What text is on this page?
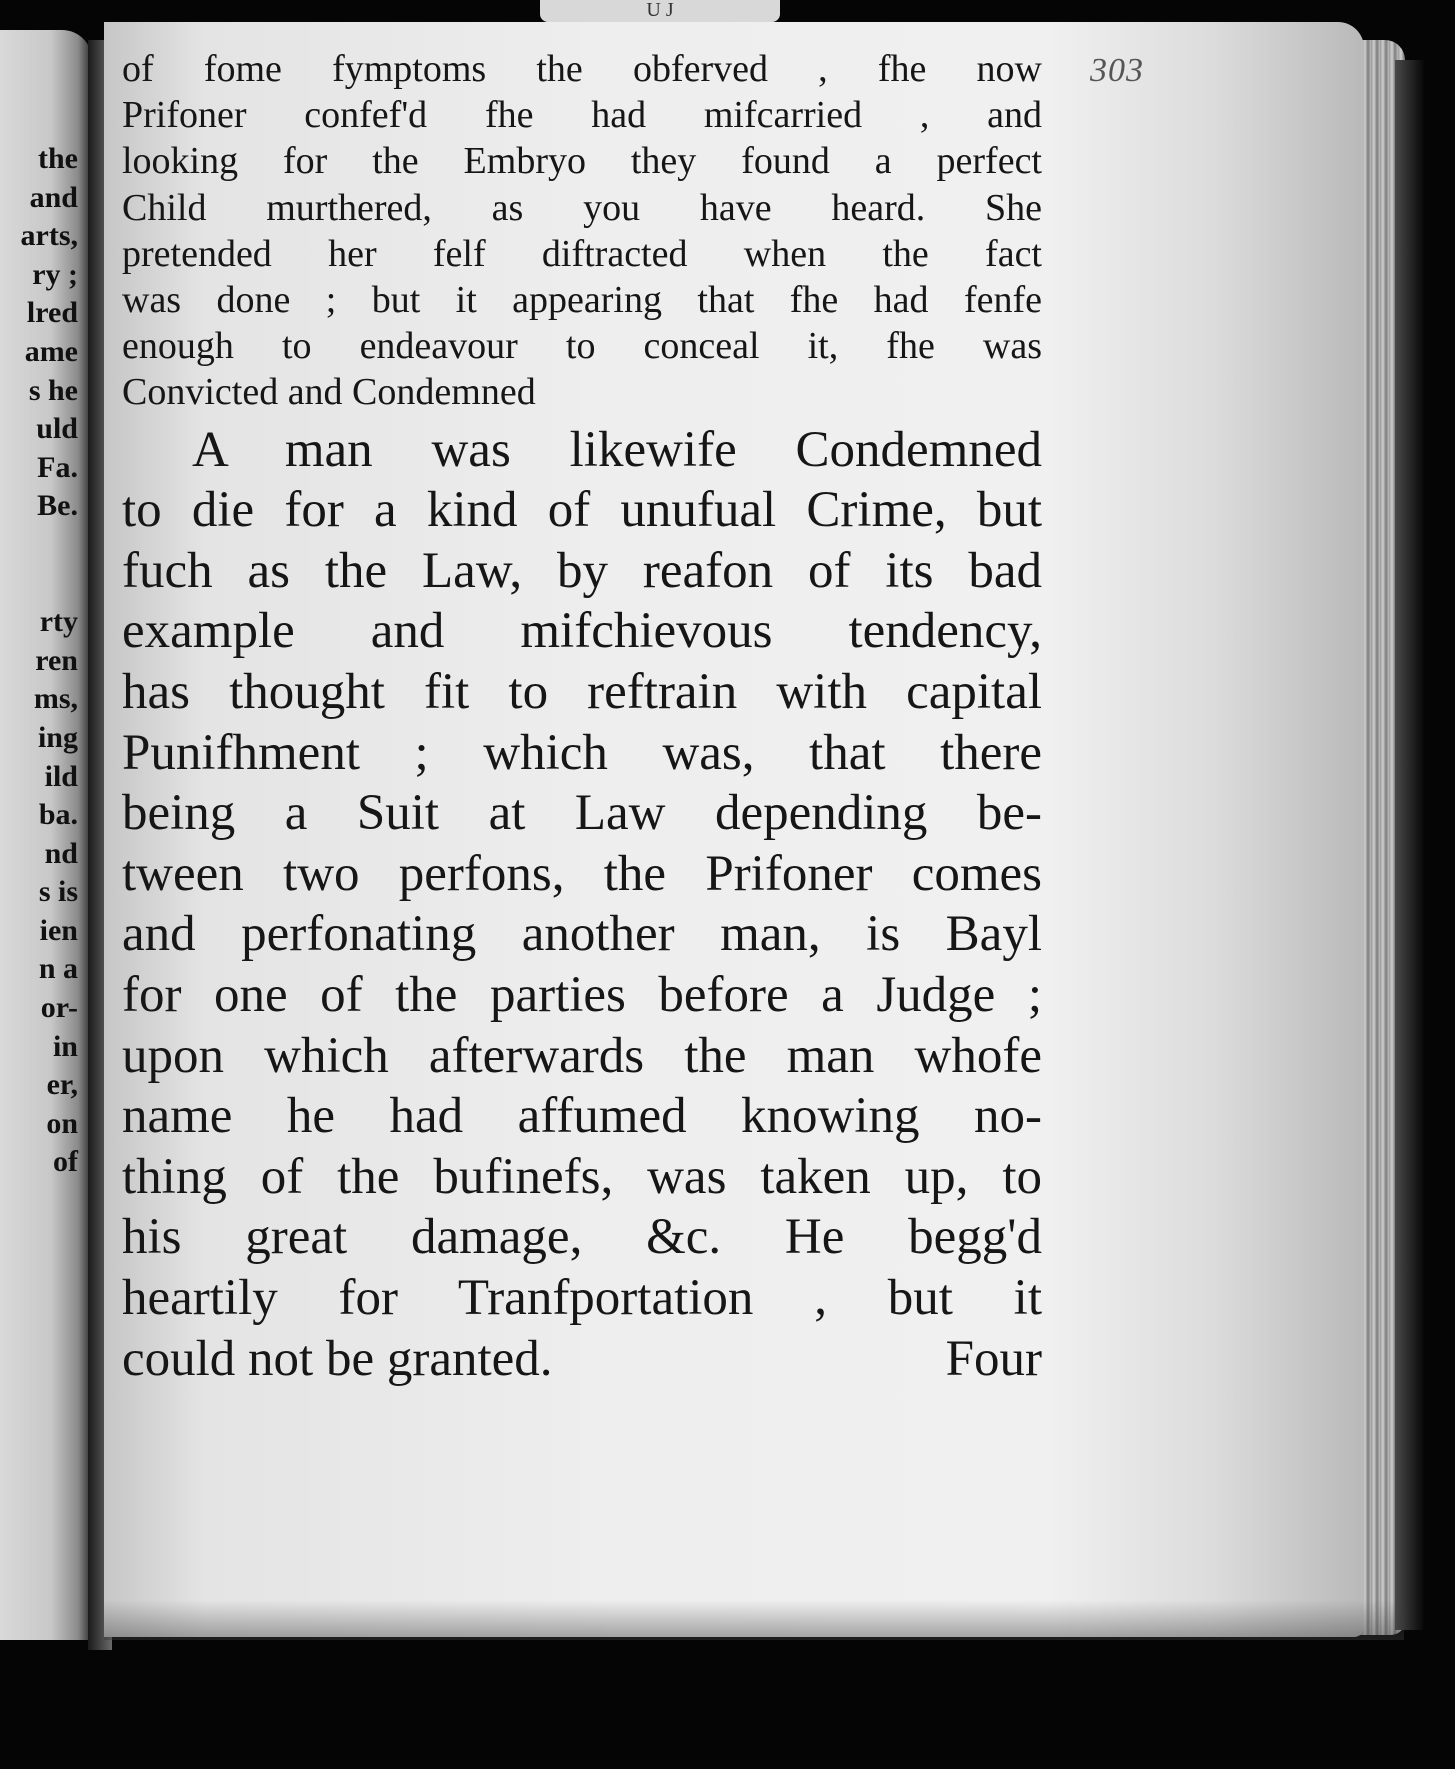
the
and
arts,
ry ;
lred
ame
s he
uld
Fa.
Be.

rty
ren
ms,
ing
ild
ba.
nd
s is
ien
n a
or-
in
er,
on
of
U J
303
of fome fymptoms the obferved , fhe now
Prifoner confef'd fhe had mifcarried , and
looking for the Embryo they found a perfect
Child murthered, as you have heard. She
pretended her felf diftracted when the fact
was done ; but it appearing that fhe had fenfe
enough to endeavour to conceal it, fhe was
Convicted and Condemned
A man was likewife Condemned
to die for a kind of unufual Crime, but
fuch as the Law, by reafon of its bad
example and mifchievous tendency,
has thought fit to reftrain with capital
Punifhment ; which was, that there
being a Suit at Law depending be-
tween two perfons, the Prifoner comes
and perfonating another man, is Bayl
for one of the parties before a Judge ;
upon which afterwards the man whofe
name he had affumed knowing no-
thing of the bufinefs, was taken up, to
his great damage, &c. He begg'd
heartily for Tranfportation , but it
could not be granted.	Four
